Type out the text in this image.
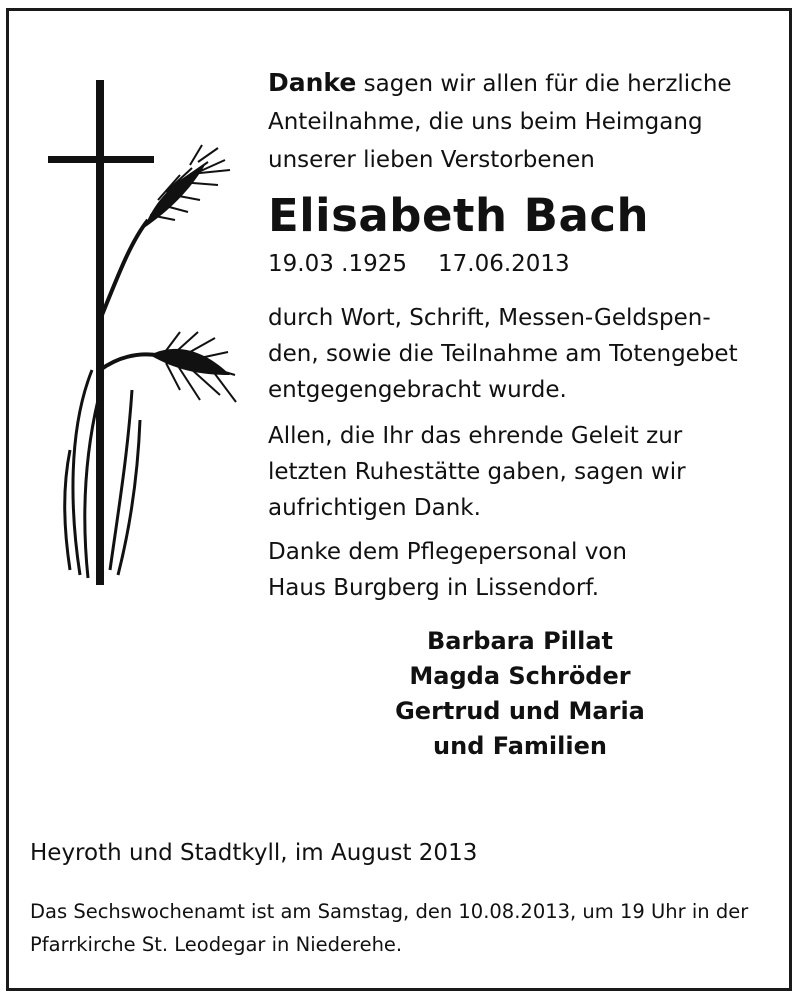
Danke sagen wir allen für die herzliche
Anteilnahme, die uns beim Heimgang
unserer lieben Verstorbenen

Elisabeth Bach

19.03 .1925 17.06.2013

durch Wort, Schrift, Messen-Geldspen-
den, sowie die Teilnahme am Totengebet
entgegengebracht wurde.

Allen, die Ihr das ehrende Geleit zur
letzten Ruhestätte gaben, sagen wir
aufrichtigen Dank.

Danke dem Pflegepersonal von
Haus Burgberg in Lissendorf.

Barbara Pillat
Magda Schröder
Gertrud und Maria
und Familien

Heyroth und Stadtkyll, im August 2013

Das Sechswochenamt ist am Samstag, den 10.08.2013, um 19 Uhr in der
Pfarrkirche St. Leodegar in Niederehe.
